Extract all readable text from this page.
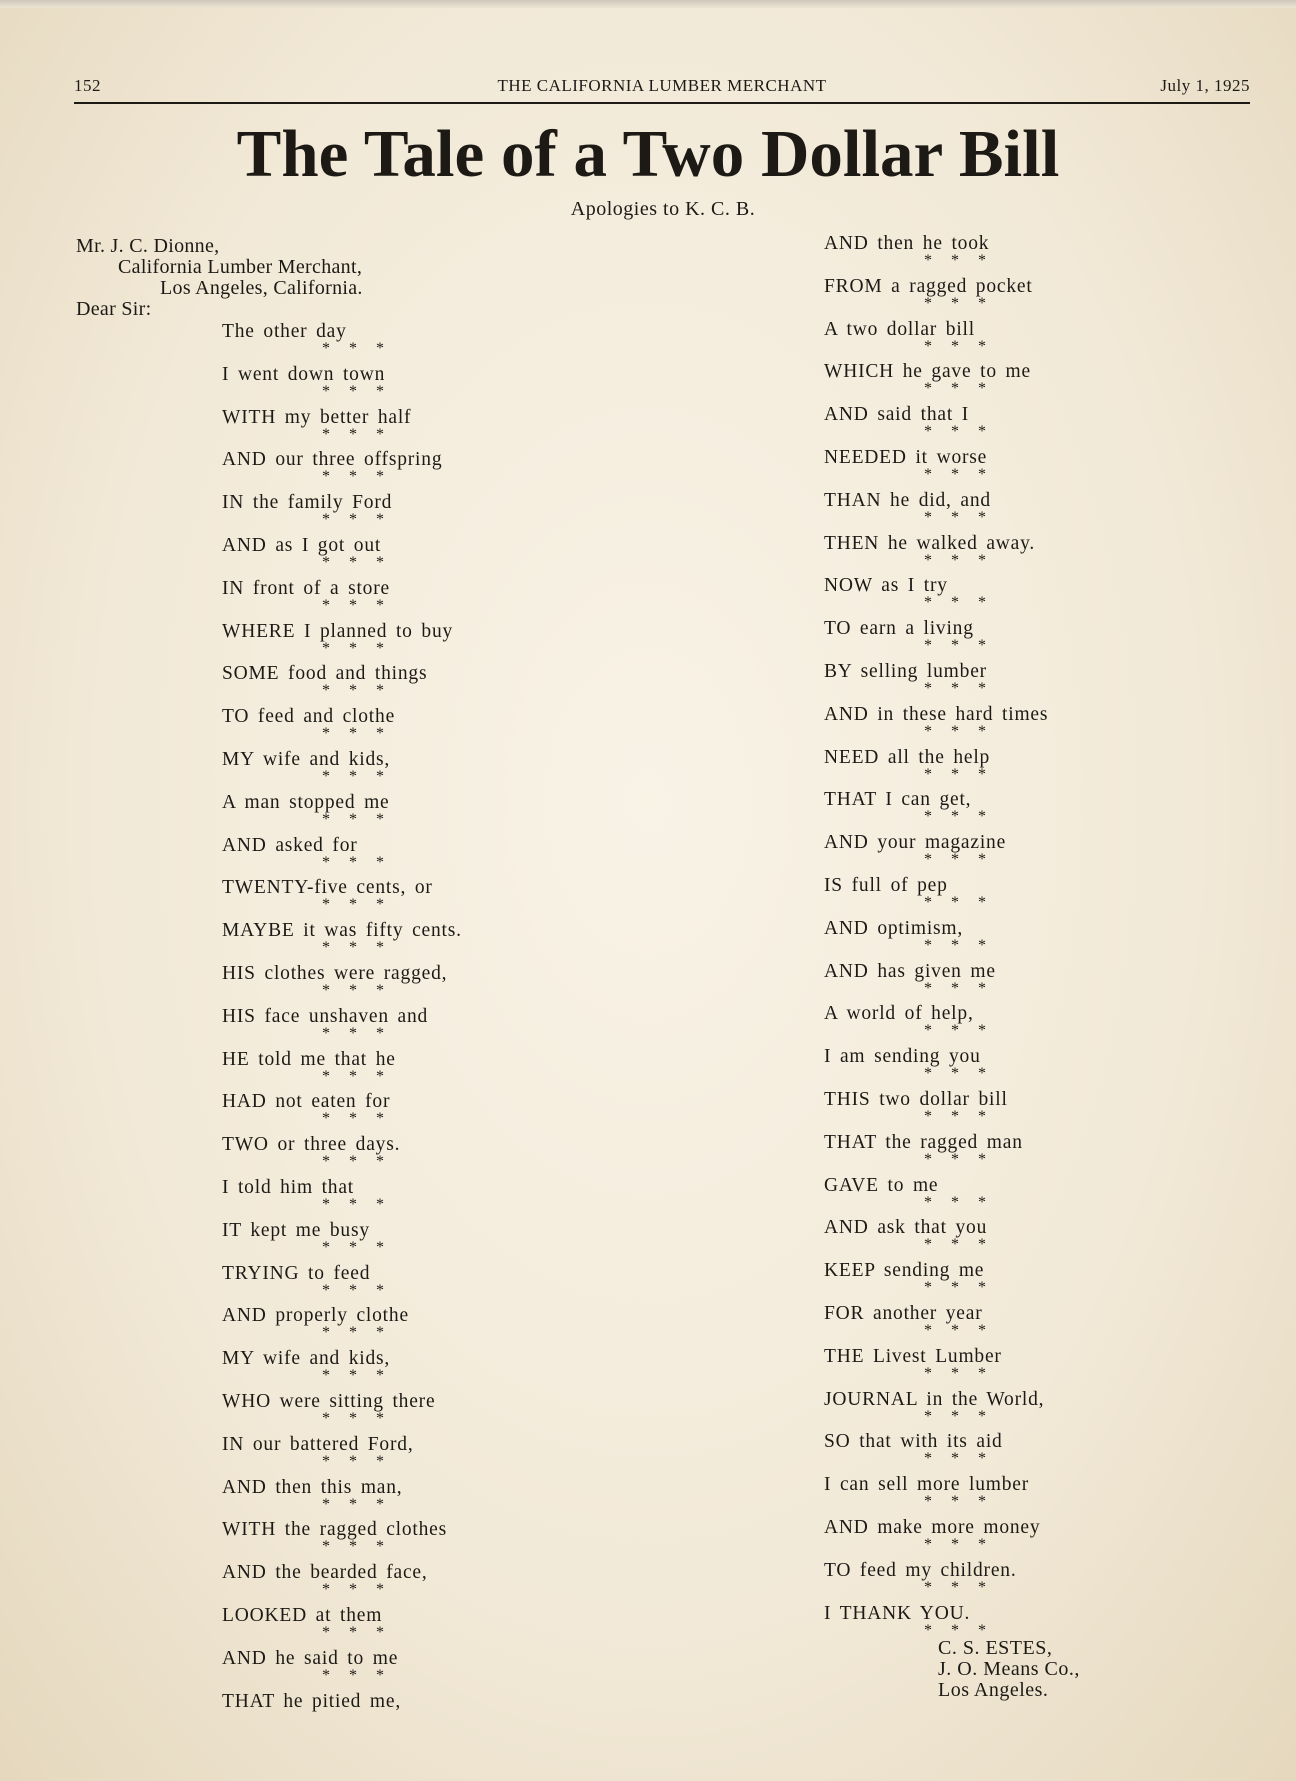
THE CALIFORNIA LUMBER MERCHANT
152	July 1, 1925
The Tale of a Two Dollar Bill
Apologies to K. C. B.
Mr. J. C. Dionne,
California Lumber Merchant,
Los Angeles, California.
Dear Sir:
The other day
* * *
I went down town
* * *
WITH my better half
* * *
AND our three offspring
* * *
IN the family Ford
* * *
AND as I got out
* * *
IN front of a store
* * *
WHERE I planned to buy
* * *
SOME food and things
* * *
TO feed and clothe
* * *
MY wife and kids,
* * *
A man stopped me
* * *
AND asked for
* * *
TWENTY-five cents, or
* * *
MAYBE it was fifty cents.
* * *
HIS clothes were ragged,
* * *
HIS face unshaven and
* * *
HE told me that he
* * *
HAD not eaten for
* * *
TWO or three days.
* * *
I told him that
* * *
IT kept me busy
* * *
TRYING to feed
* * *
AND properly clothe
* * *
MY wife and kids,
* * *
WHO were sitting there
* * *
IN our battered Ford,
* * *
AND then this man,
* * *
WITH the ragged clothes
* * *
AND the bearded face,
* * *
LOOKED at them
* * *
AND he said to me
* * *
THAT he pitied me,
AND then he took
* * *
FROM a ragged pocket
* * *
A two dollar bill
* * *
WHICH he gave to me
* * *
AND said that I
* * *
NEEDED it worse
* * *
THAN he did, and
* * *
THEN he walked away.
* * *
NOW as I try
* * *
TO earn a living
* * *
BY selling lumber
* * *
AND in these hard times
* * *
NEED all the help
* * *
THAT I can get,
* * *
AND your magazine
* * *
IS full of pep
* * *
AND optimism,
* * *
AND has given me
* * *
A world of help,
* * *
I am sending you
* * *
THIS two dollar bill
* * *
THAT the ragged man
* * *
GAVE to me
* * *
AND ask that you
* * *
KEEP sending me
* * *
FOR another year
* * *
THE Livest Lumber
* * *
JOURNAL in the World,
* * *
SO that with its aid
* * *
I can sell more lumber
* * *
AND make more money
* * *
TO feed my children.
* * *
I THANK YOU.
* * *
C. S. ESTES,
J. O. Means Co.,
Los Angeles.
